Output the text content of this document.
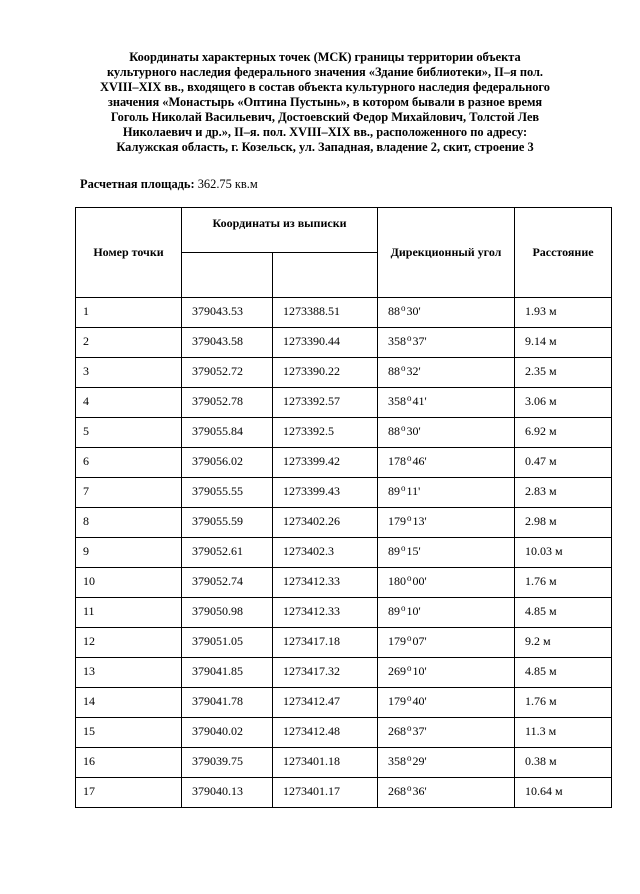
Координаты характерных точек (МСК) границы территории объекта
культурного наследия федерального значения «Здание библиотеки», II–я пол.
XVIII–XIX вв., входящего в состав объекта культурного наследия федерального
значения «Монастырь «Оптина Пустынь», в котором бывали в разное время
Гоголь Николай Васильевич, Достоевский Федор Михайлович, Толстой Лев
Николаевич и др.», II–я. пол. XVIII–XIX вв., расположенного по адресу:
Калужская область, г. Козельск, ул. Западная, владение 2, скит, строение 3
Расчетная площадь: 362.75 кв.м
Номер точки	Координаты из выписки		Дирекционный угол	Расстояние

1	379043.53	1273388.51	88$^o$30'	1.93 м
2	379043.58	1273390.44	358$^o$37'	9.14 м
3	379052.72	1273390.22	88$^o$32'	2.35 м
4	379052.78	1273392.57	358$^o$41'	3.06 м
5	379055.84	1273392.5	88$^o$30'	6.92 м
6	379056.02	1273399.42	178$^o$46'	0.47 м
7	379055.55	1273399.43	89$^o$11'	2.83 м
8	379055.59	1273402.26	179$^o$13'	2.98 м
9	379052.61	1273402.3	89$^o$15'	10.03 м
10	379052.74	1273412.33	180$^o$00'	1.76 м
11	379050.98	1273412.33	89$^o$10'	4.85 м
12	379051.05	1273417.18	179$^o$07'	9.2 м
13	379041.85	1273417.32	269$^o$10'	4.85 м
14	379041.78	1273412.47	179$^o$40'	1.76 м
15	379040.02	1273412.48	268$^o$37'	11.3 м
16	379039.75	1273401.18	358$^o$29'	0.38 м
17	379040.13	1273401.17	268$^o$36'	10.64 м
